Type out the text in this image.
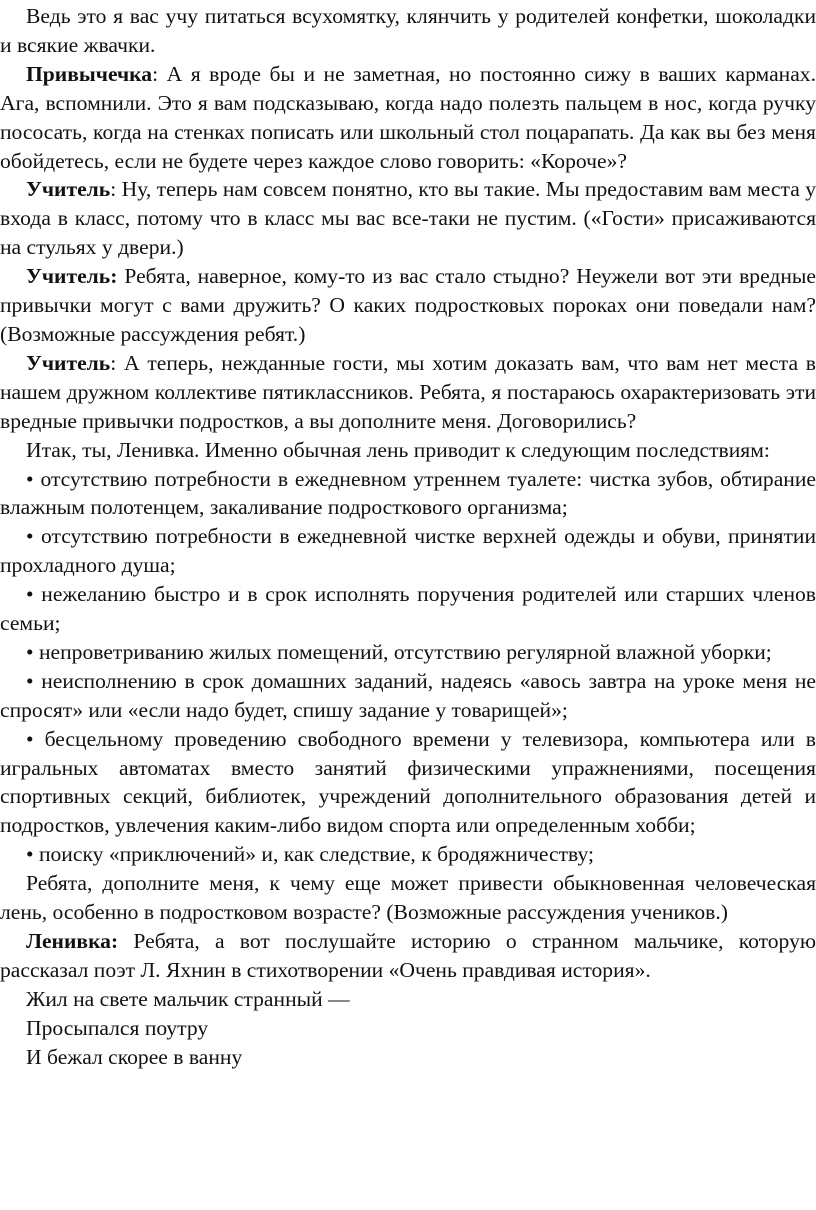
Ведь это я вас учу питаться всухомятку, клянчить у родителей конфетки, шоколадки и всякие жвачки.

Привычечка: А я вроде бы и не заметная, но постоянно сижу в ваших карманах. Ага, вспомнили. Это я вам подсказываю, когда надо полезть пальцем в нос, когда ручку пососать, когда на стенках пописать или школьный стол поцарапать. Да как вы без меня обойдетесь, если не будете через каждое слово говорить: «Короче»?

Учитель: Ну, теперь нам совсем понятно, кто вы такие. Мы предоставим вам места у входа в класс, потому что в класс мы вас все-таки не пустим. («Гости» присаживаются на стульях у двери.)

Учитель: Ребята, наверное, кому-то из вас стало стыдно? Неужели вот эти вредные привычки могут с вами дружить? О каких подростковых пороках они поведали нам? (Возможные рассуждения ребят.)

Учитель: А теперь, нежданные гости, мы хотим доказать вам, что вам нет места в нашем дружном коллективе пятиклассников. Ребята, я постараюсь охарактеризовать эти вредные привычки подростков, а вы дополните меня. Договорились?

Итак, ты, Ленивка. Именно обычная лень приводит к следующим последствиям:

• отсутствию потребности в ежедневном утреннем туалете: чистка зубов, обтирание влажным полотенцем, закаливание подросткового организма;

• отсутствию потребности в ежедневной чистке верхней одежды и обуви, принятии прохладного душа;

• нежеланию быстро и в срок исполнять поручения родителей или старших членов семьи;

• непроветриванию жилых помещений, отсутствию регулярной влажной уборки;

• неисполнению в срок домашних заданий, надеясь «авось завтра на уроке меня не спросят» или «если надо будет, спишу задание у товарищей»;

• бесцельному проведению свободного времени у телевизора, компьютера или в игральных автоматах вместо занятий физическими упражнениями, посещения спортивных секций, библиотек, учреждений дополнительного образования детей и подростков, увлечения каким-либо видом спорта или определенным хобби;

• поиску «приключений» и, как следствие, к бродяжничеству;

Ребята, дополните меня, к чему еще может привести обыкновенная человеческая лень, особенно в подростковом возрасте? (Возможные рассуждения учеников.)

Ленивка: Ребята, а вот послушайте историю о странном мальчике, которую рассказал поэт Л. Яхнин в стихотворении «Очень правдивая история».

Жил на свете мальчик странный —

Просыпался поутру

И бежал скорее в ванну
